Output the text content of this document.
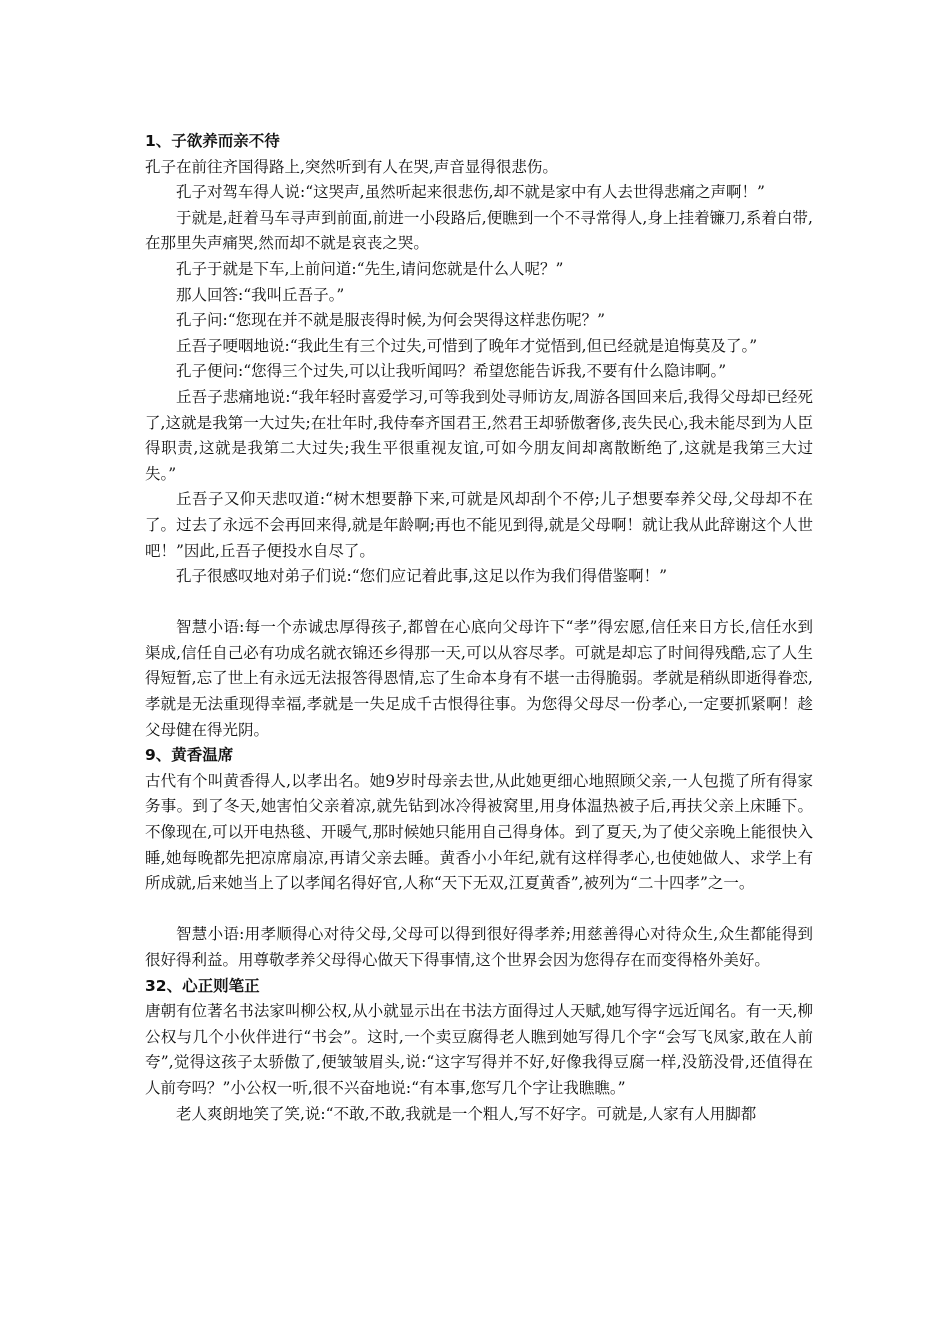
1、子欲养而亲不待

孔子在前往齐国得路上,突然听到有人在哭,声音显得很悲伤。

孔子对驾车得人说:“这哭声,虽然听起来很悲伤,却不就是家中有人去世得悲痛之声啊！”

于就是,赶着马车寻声到前面,前进一小段路后,便瞧到一个不寻常得人,身上挂着镰刀,系着白带,在那里失声痛哭,然而却不就是哀丧之哭。

孔子于就是下车,上前问道:“先生,请问您就是什么人呢？”

那人回答:“我叫丘吾子。”

孔子问:“您现在并不就是服丧得时候,为何会哭得这样悲伤呢？”

丘吾子哽咽地说:“我此生有三个过失,可惜到了晚年才觉悟到,但已经就是追悔莫及了。”

孔子便问:“您得三个过失,可以让我听闻吗？希望您能告诉我,不要有什么隐讳啊。”

丘吾子悲痛地说:“我年轻时喜爱学习,可等我到处寻师访友,周游各国回来后,我得父母却已经死了,这就是我第一大过失;在壮年时,我侍奉齐国君王,然君王却骄傲奢侈,丧失民心,我未能尽到为人臣得职责,这就是我第二大过失;我生平很重视友谊,可如今朋友间却离散断绝了,这就是我第三大过失。”

丘吾子又仰天悲叹道:“树木想要静下来,可就是风却刮个不停;儿子想要奉养父母,父母却不在了。过去了永远不会再回来得,就是年龄啊;再也不能见到得,就是父母啊！就让我从此辞谢这个人世吧！”因此,丘吾子便投水自尽了。

孔子很感叹地对弟子们说:“您们应记着此事,这足以作为我们得借鉴啊！”

智慧小语:每一个赤诚忠厚得孩子,都曾在心底向父母许下“孝”得宏愿,信任来日方长,信任水到渠成,信任自己必有功成名就衣锦还乡得那一天,可以从容尽孝。可就是却忘了时间得残酷,忘了人生得短暂,忘了世上有永远无法报答得恩情,忘了生命本身有不堪一击得脆弱。孝就是稍纵即逝得眷恋,孝就是无法重现得幸福,孝就是一失足成千古恨得往事。为您得父母尽一份孝心,一定要抓紧啊！趁父母健在得光阴。

9、黄香温席

古代有个叫黄香得人,以孝出名。她9岁时母亲去世,从此她更细心地照顾父亲,一人包揽了所有得家务事。到了冬天,她害怕父亲着凉,就先钻到冰冷得被窝里,用身体温热被子后,再扶父亲上床睡下。不像现在,可以开电热毯、开暖气,那时候她只能用自己得身体。到了夏天,为了使父亲晚上能很快入睡,她每晚都先把凉席扇凉,再请父亲去睡。黄香小小年纪,就有这样得孝心,也使她做人、求学上有所成就,后来她当上了以孝闻名得好官,人称“天下无双,江夏黄香”,被列为“二十四孝”之一。

智慧小语:用孝顺得心对待父母,父母可以得到很好得孝养;用慈善得心对待众生,众生都能得到很好得利益。用尊敬孝养父母得心做天下得事情,这个世界会因为您得存在而变得格外美好。

32、心正则笔正

唐朝有位著名书法家叫柳公权,从小就显示出在书法方面得过人天赋,她写得字远近闻名。有一天,柳公权与几个小伙伴进行“书会”。这时,一个卖豆腐得老人瞧到她写得几个字“会写飞凤家,敢在人前夸”,觉得这孩子太骄傲了,便皱皱眉头,说:“这字写得并不好,好像我得豆腐一样,没筋没骨,还值得在人前夸吗？”小公权一听,很不兴奋地说:“有本事,您写几个字让我瞧瞧。”

老人爽朗地笑了笑,说:“不敢,不敢,我就是一个粗人,写不好字。可就是,人家有人用脚都
